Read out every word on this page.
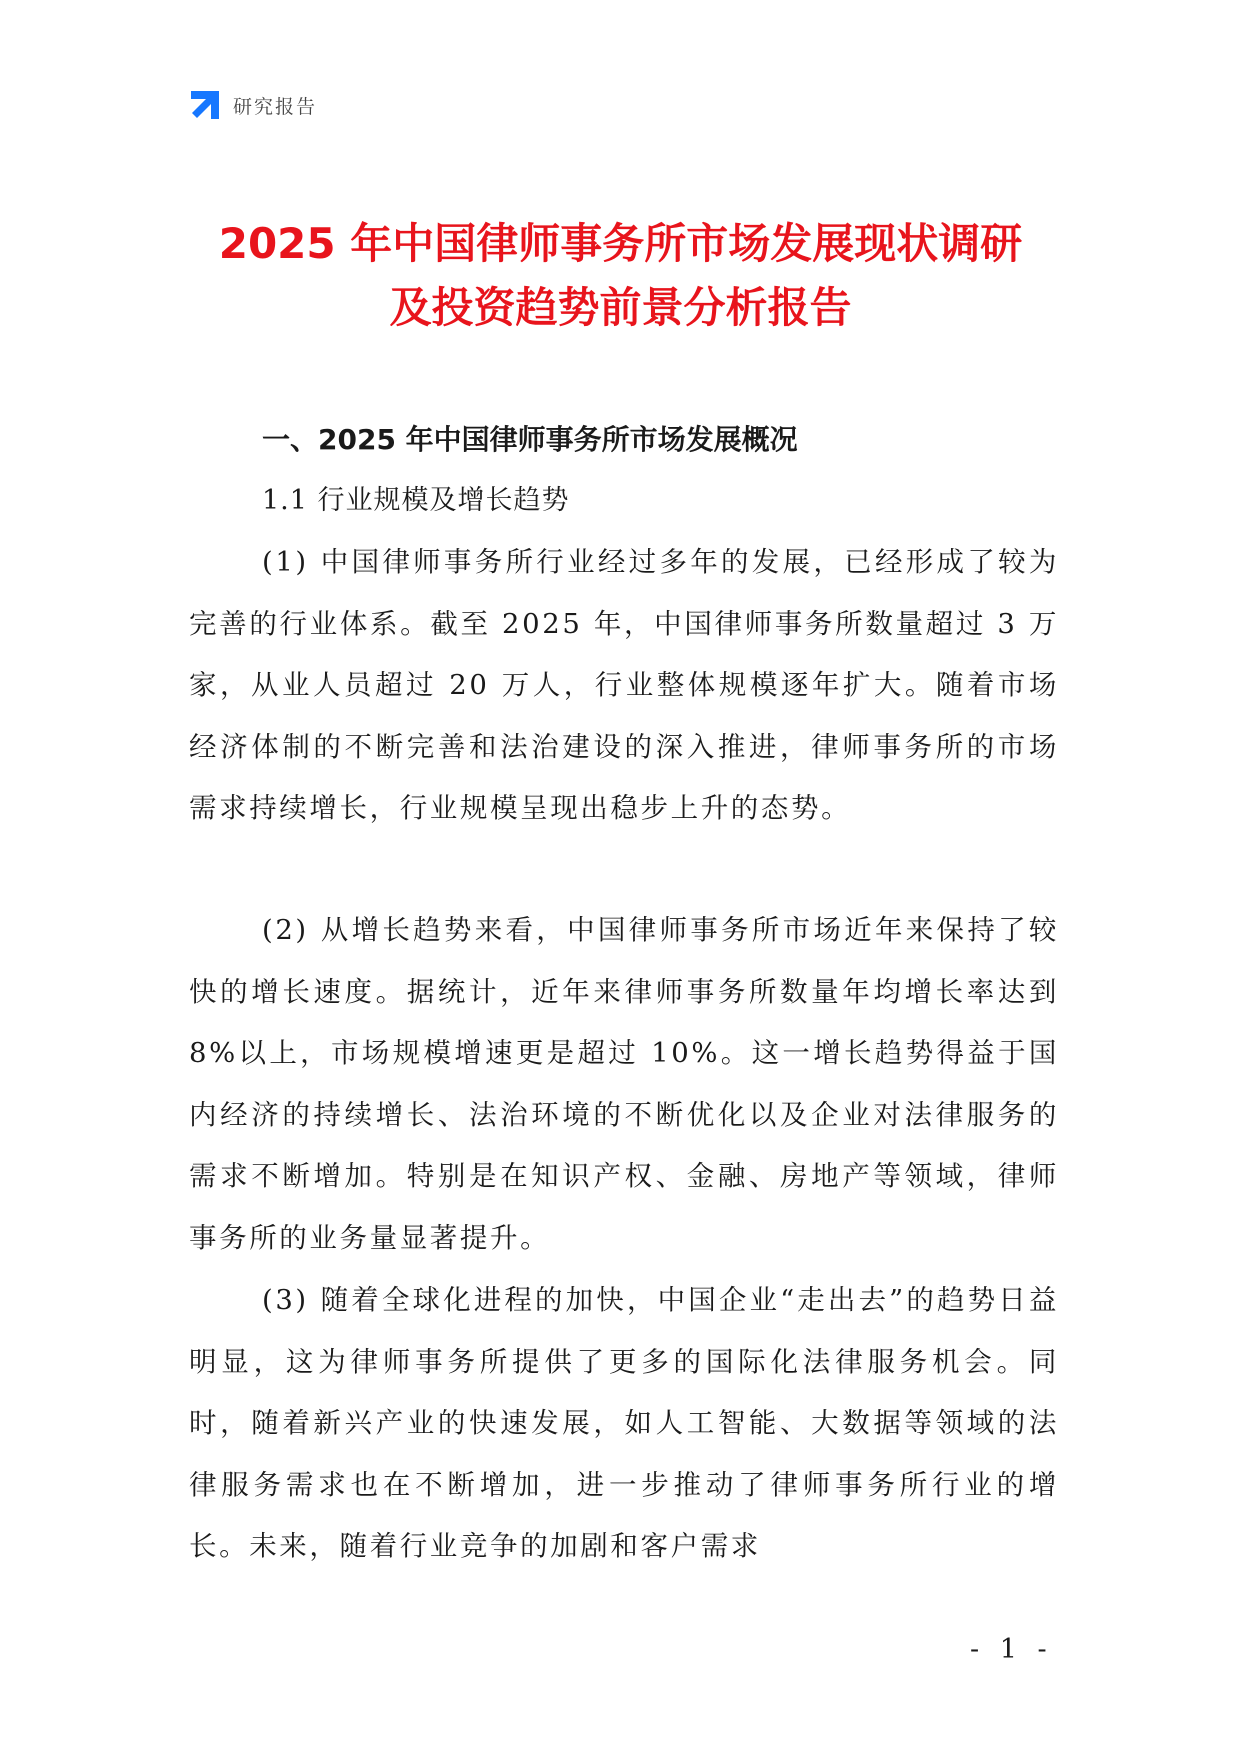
研究报告
2025 年中国律师事务所市场发展现状调研
及投资趋势前景分析报告
一、2025 年中国律师事务所市场发展概况
1.1 行业规模及增长趋势
(1) 中国律师事务所行业经过多年的发展，已经形成了较为完善的行业体系。截至 2025 年，中国律师事务所数量超过 3 万家，从业人员超过 20 万人，行业整体规模逐年扩大。随着市场经济体制的不断完善和法治建设的深入推进，律师事务所的市场需求持续增长，行业规模呈现出稳步上升的态势。
(2) 从增长趋势来看，中国律师事务所市场近年来保持了较快的增长速度。据统计，近年来律师事务所数量年均增长率达到 8%以上，市场规模增速更是超过 10%。这一增长趋势得益于国内经济的持续增长、法治环境的不断优化以及企业对法律服务的需求不断增加。特别是在知识产权、金融、房地产等领域，律师事务所的业务量显著提升。
(3) 随着全球化进程的加快，中国企业“走出去”的趋势日益明显，这为律师事务所提供了更多的国际化法律服务机会。同时，随着新兴产业的快速发展，如人工智能、大数据等领域的法律服务需求也在不断增加，进一步推动了律师事务所行业的增长。未来，随着行业竞争的加剧和客户需求
- 1 -
